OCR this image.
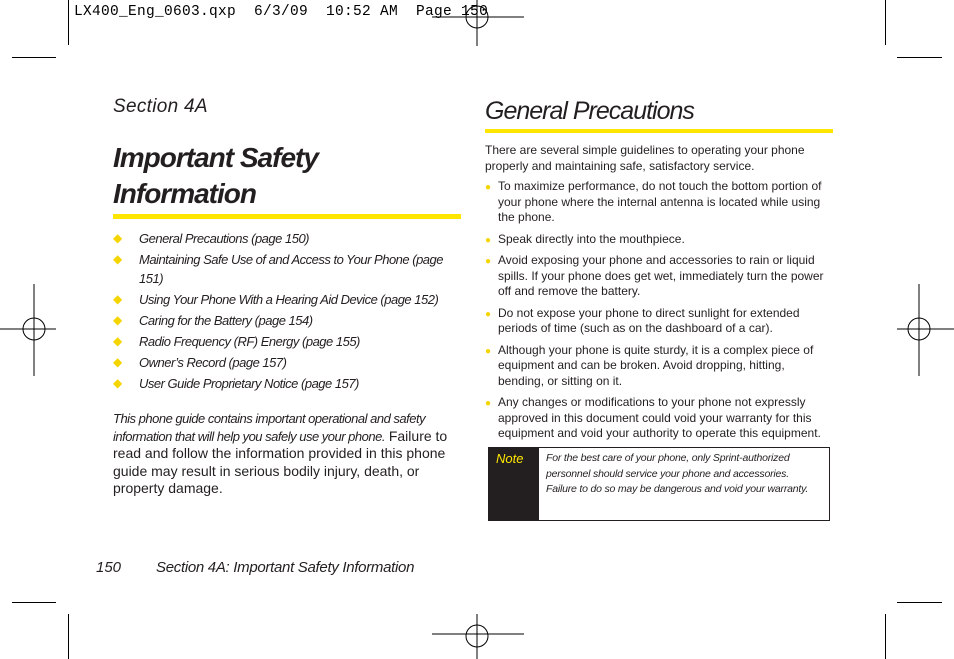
LX400_Eng_0603.qxp  6/3/09  10:52 AM  Page 150
Section 4A
Important Safety
Information
◆ General Precautions (page 150)
◆ Maintaining Safe Use of and Access to Your Phone (page 151)
◆ Using Your Phone With a Hearing Aid Device (page 152)
◆ Caring for the Battery (page 154)
◆ Radio Frequency (RF) Energy (page 155)
◆ Owner’s Record (page 157)
◆ User Guide Proprietary Notice (page 157)
This phone guide contains important operational and safety information that will help you safely use your phone. Failure to read and follow the information provided in this phone guide may result in serious bodily injury, death, or property damage.
150 Section 4A: Important Safety Information
General Precautions
There are several simple guidelines to operating your phone properly and maintaining safe, satisfactory service.
● To maximize performance, do not touch the bottom portion of your phone where the internal antenna is located while using the phone.
● Speak directly into the mouthpiece.
● Avoid exposing your phone and accessories to rain or liquid spills. If your phone does get wet, immediately turn the power off and remove the battery.
● Do not expose your phone to direct sunlight for extended periods of time (such as on the dashboard of a car).
● Although your phone is quite sturdy, it is a complex piece of equipment and can be broken. Avoid dropping, hitting, bending, or sitting on it.
● Any changes or modifications to your phone not expressly approved in this document could void your warranty for this equipment and void your authority to operate this equipment.
Note For the best care of your phone, only Sprint-authorized personnel should service your phone and accessories. Failure to do so may be dangerous and void your warranty.
